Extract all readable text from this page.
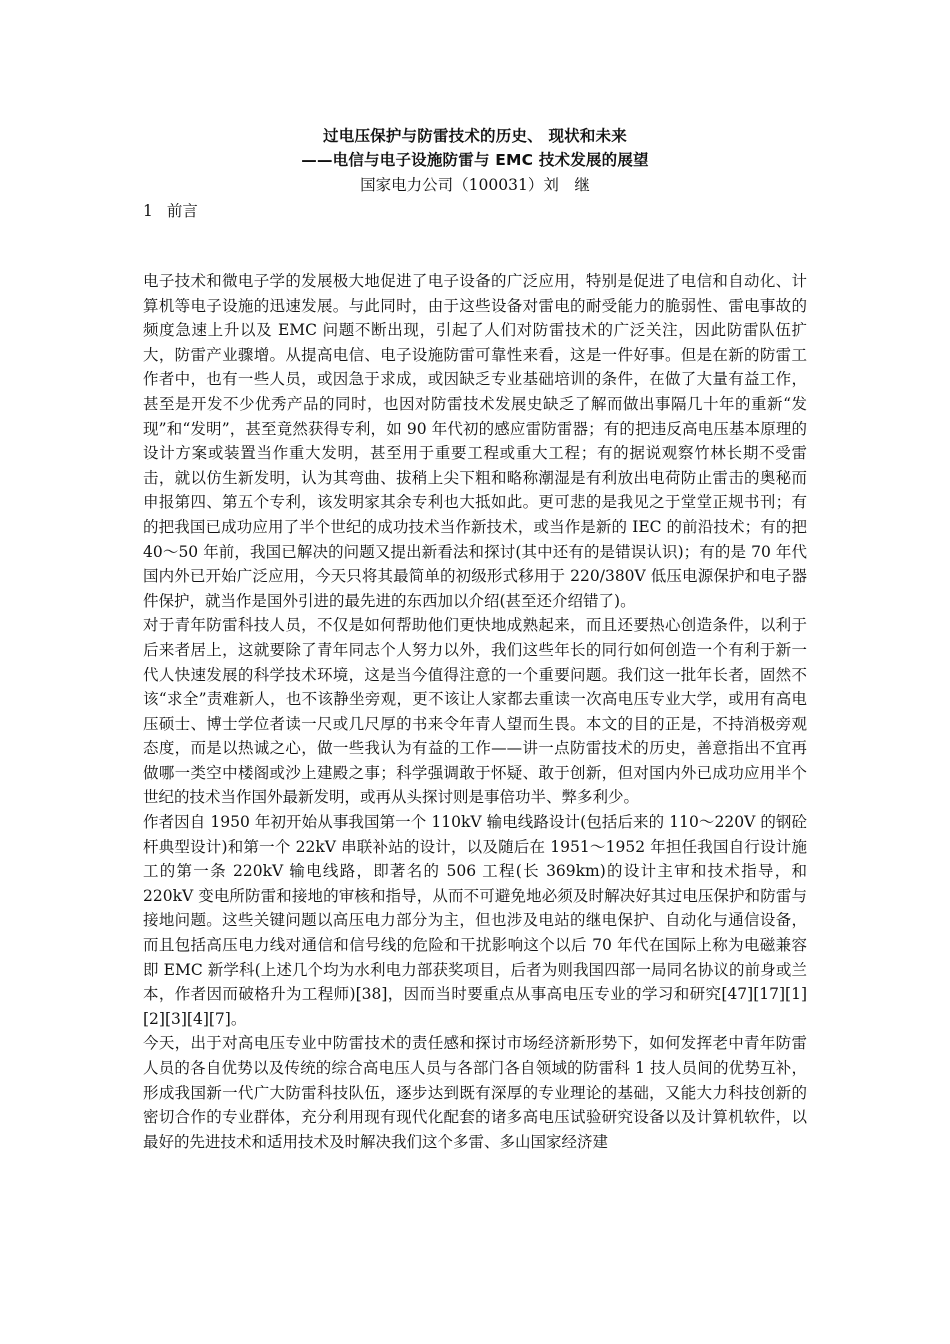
过电压保护与防雷技术的历史、 现状和未来
——电信与电子设施防雷与 EMC 技术发展的展望
国家电力公司（100031）刘　继
1 前言

电子技术和微电子学的发展极大地促进了电子设备的广泛应用，特别是促进了电信和自动化、计算机等电子设施的迅速发展。与此同时，由于这些设备对雷电的耐受能力的脆弱性、雷电事故的频度急速上升以及 EMC 问题不断出现，引起了人们对防雷技术的广泛关注，因此防雷队伍扩大，防雷产业骤增。从提高电信、电子设施防雷可靠性来看，这是一件好事。但是在新的防雷工作者中，也有一些人员，或因急于求成，或因缺乏专业基础培训的条件，在做了大量有益工作，甚至是开发不少优秀产品的同时，也因对防雷技术发展史缺乏了解而做出事隔几十年的重新“发现”和“发明”，甚至竟然获得专利，如 90 年代初的感应雷防雷器；有的把违反高电压基本原理的设计方案或装置当作重大发明，甚至用于重要工程或重大工程；有的据说观察竹林长期不受雷击，就以仿生新发明，认为其弯曲、拔稍上尖下粗和略称潮湿是有利放出电荷防止雷击的奥秘而申报第四、第五个专利，该发明家其余专利也大抵如此。更可悲的是我见之于堂堂正规书刊；有的把我国已成功应用了半个世纪的成功技术当作新技术，或当作是新的 IEC 的前沿技术；有的把 40～50 年前，我国已解决的问题又提出新看法和探讨(其中还有的是错误认识)；有的是 70 年代国内外已开始广泛应用，今天只将其最简单的初级形式移用于 220/380V 低压电源保护和电子器件保护，就当作是国外引进的最先进的东西加以介绍(甚至还介绍错了)。

对于青年防雷科技人员，不仅是如何帮助他们更快地成熟起来，而且还要热心创造条件，以利于后来者居上，这就要除了青年同志个人努力以外，我们这些年长的同行如何创造一个有利于新一代人快速发展的科学技术环境，这是当今值得注意的一个重要问题。我们这一批年长者，固然不该“求全”责难新人，也不该静坐旁观，更不该让人家都去重读一次高电压专业大学，或用有高电压硕士、博士学位者读一尺或几尺厚的书来令年青人望而生畏。本文的目的正是，不持消极旁观态度，而是以热诚之心，做一些我认为有益的工作——讲一点防雷技术的历史，善意指出不宜再做哪一类空中楼阁或沙上建殿之事；科学强调敢于怀疑、敢于创新，但对国内外已成功应用半个世纪的技术当作国外最新发明，或再从头探讨则是事倍功半、弊多利少。

作者因自 1950 年初开始从事我国第一个 110kV 输电线路设计(包括后来的 110～220V 的钢砼杆典型设计)和第一个 22kV 串联补站的设计，以及随后在 1951～1952 年担任我国自行设计施工的第一条 220kV 输电线路，即著名的 506 工程(长 369km)的设计主审和技术指导，和 220kV 变电所防雷和接地的审核和指导，从而不可避免地必须及时解决好其过电压保护和防雷与接地问题。这些关键问题以高压电力部分为主，但也涉及电站的继电保护、自动化与通信设备，而且包括高压电力线对通信和信号线的危险和干扰影响这个以后 70 年代在国际上称为电磁兼容即 EMC 新学科(上述几个均为水利电力部获奖项目，后者为则我国四部一局同名协议的前身或兰本，作者因而破格升为工程师)[38]，因而当时要重点从事高电压专业的学习和研究[47][17][1][2][3][4][7]。

今天，出于对高电压专业中防雷技术的责任感和探讨市场经济新形势下，如何发挥老中青年防雷人员的各自优势以及传统的综合高电压人员与各部门各自领域的防雷科 1 技人员间的优势互补，形成我国新一代广大防雷科技队伍，逐步达到既有深厚的专业理论的基础，又能大力科技创新的密切合作的专业群体，充分利用现有现代化配套的诸多高电压试验研究设备以及计算机软件，以最好的先进技术和适用技术及时解决我们这个多雷、多山国家经济建
